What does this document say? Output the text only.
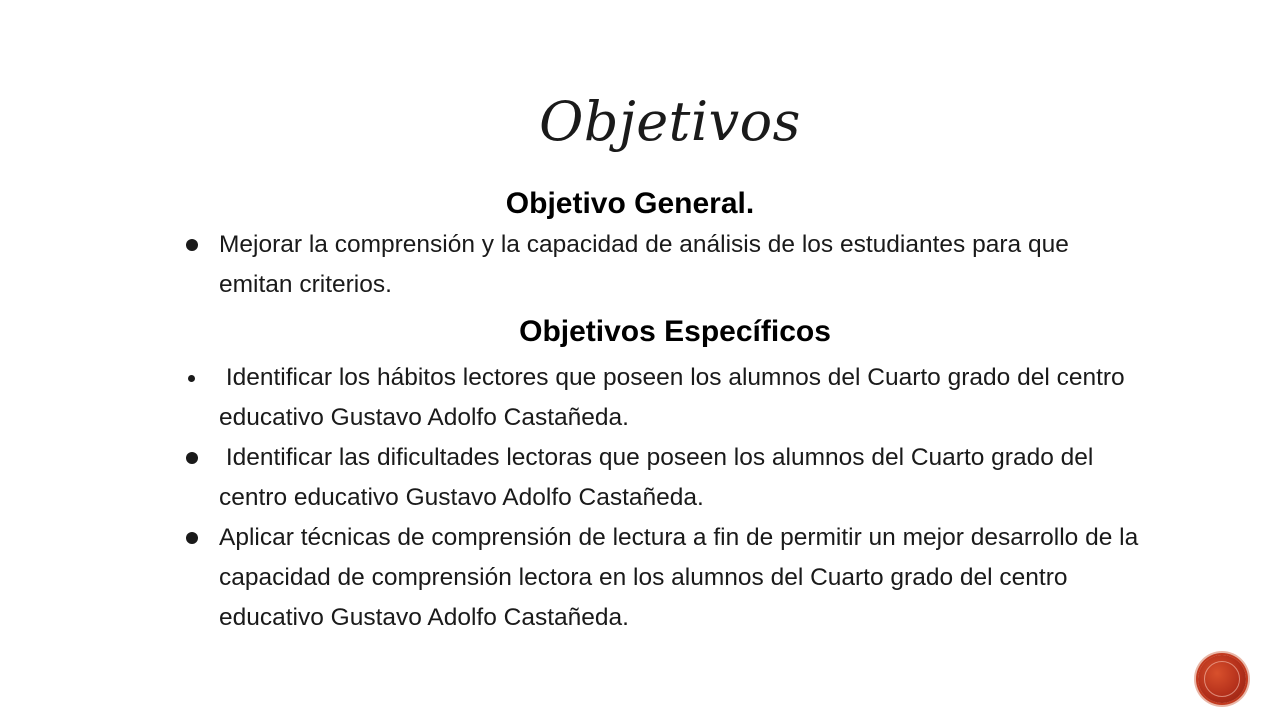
Objetivos
Objetivo General.
Mejorar la comprensión y la capacidad de análisis de los estudiantes para que emitan criterios.
Objetivos Específicos
Identificar los hábitos lectores que poseen los alumnos del Cuarto grado del centro educativo Gustavo Adolfo Castañeda.
Identificar las dificultades lectoras que poseen los alumnos del Cuarto grado del centro educativo Gustavo Adolfo Castañeda.
Aplicar técnicas de comprensión de lectura a fin de permitir un mejor desarrollo de la capacidad de comprensión lectora en los alumnos del Cuarto grado del centro educativo Gustavo Adolfo Castañeda.
